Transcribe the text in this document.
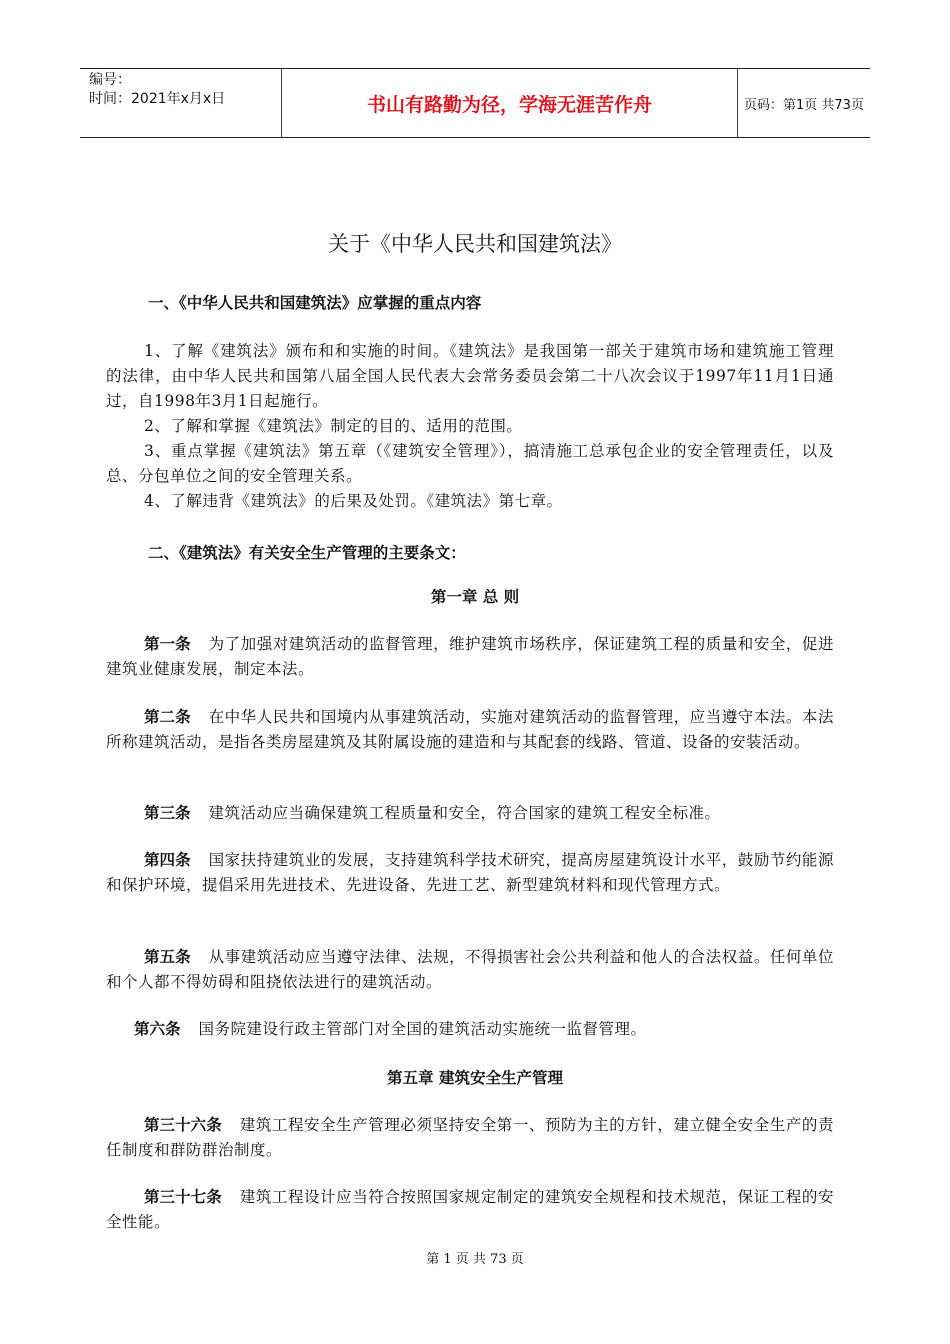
编号：
时间：2021年x月x日	书山有路勤为径，学海无涯苦作舟	页码：第1页 共73页
关于《中华人民共和国建筑法》
一、《中华人民共和国建筑法》应掌握的重点内容
1、了解《建筑法》颁布和和实施的时间。《建筑法》是我国第一部关于建筑市场和建筑施工管理的法律，由中华人民共和国第八届全国人民代表大会常务委员会第二十八次会议于1997年11月1日通过，自1998年3月1日起施行。
2、了解和掌握《建筑法》制定的目的、适用的范围。
3、重点掌握《建筑法》第五章（《建筑安全管理》），搞清施工总承包企业的安全管理责任，以及总、分包单位之间的安全管理关系。
4、了解违背《建筑法》的后果及处罚。《建筑法》第七章。
二、《建筑法》有关安全生产管理的主要条文：
第一章 总 则
第一条 为了加强对建筑活动的监督管理，维护建筑市场秩序，保证建筑工程的质量和安全，促进建筑业健康发展，制定本法。
第二条 在中华人民共和国境内从事建筑活动，实施对建筑活动的监督管理，应当遵守本法。本法所称建筑活动，是指各类房屋建筑及其附属设施的建造和与其配套的线路、管道、设备的安装活动。
第三条 建筑活动应当确保建筑工程质量和安全，符合国家的建筑工程安全标准。
第四条 国家扶持建筑业的发展，支持建筑科学技术研究，提高房屋建筑设计水平，鼓励节约能源和保护环境，提倡采用先进技术、先进设备、先进工艺、新型建筑材料和现代管理方式。
第五条 从事建筑活动应当遵守法律、法规，不得损害社会公共利益和他人的合法权益。任何单位和个人都不得妨碍和阻挠依法进行的建筑活动。
第六条 国务院建设行政主管部门对全国的建筑活动实施统一监督管理。
第五章 建筑安全生产管理
第三十六条 建筑工程安全生产管理必须坚持安全第一、预防为主的方针，建立健全安全生产的责任制度和群防群治制度。
第三十七条 建筑工程设计应当符合按照国家规定制定的建筑安全规程和技术规范，保证工程的安全性能。
第 1 页 共 73 页
